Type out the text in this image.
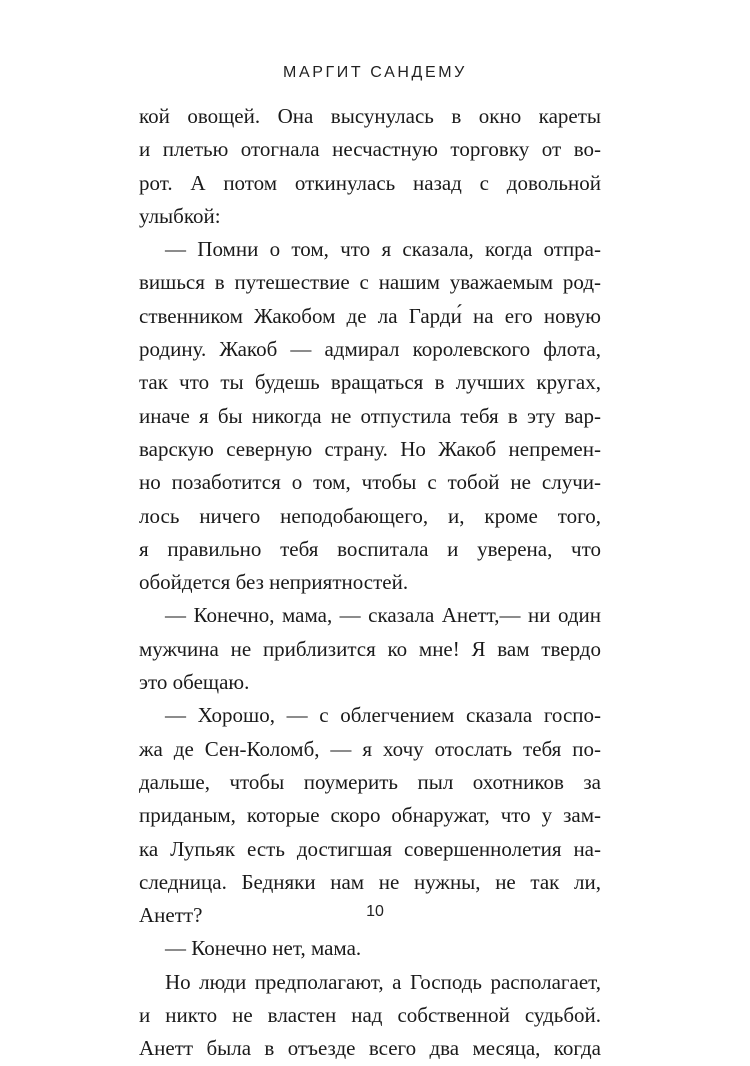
МАРГИТ САНДЕМУ
кой овощей. Она высунулась в окно кареты
и плетью отогнала несчастную торговку от во-
рот. А потом откинулась назад с довольной
улыбкой:
— Помни о том, что я сказала, когда отпра-
вишься в путешествие с нашим уважаемым род-
ственником Жакобом де ла Гарди́ на его новую
родину. Жакоб — адмирал королевского флота,
так что ты будешь вращаться в лучших кругах,
иначе я бы никогда не отпустила тебя в эту вар-
варскую северную страну. Но Жакоб непремен-
но позаботится о том, чтобы с тобой не случи-
лось ничего неподобающего, и, кроме того,
я правильно тебя воспитала и уверена, что
обойдется без неприятностей.
— Конечно, мама, — сказала Анетт,— ни один
мужчина не приблизится ко мне! Я вам твердо
это обещаю.
— Хорошо, — с облегчением сказала госпо-
жа де Сен-Коломб, — я хочу отослать тебя по-
дальше, чтобы поумерить пыл охотников за
приданым, которые скоро обнаружат, что у зам-
ка Лупьяк есть достигшая совершеннолетия на-
следница. Бедняки нам не нужны, не так ли,
Анетт?
— Конечно нет, мама.
Но люди предполагают, а Господь располагает,
и никто не властен над собственной судьбой.
Анетт была в отъезде всего два месяца, когда
10
